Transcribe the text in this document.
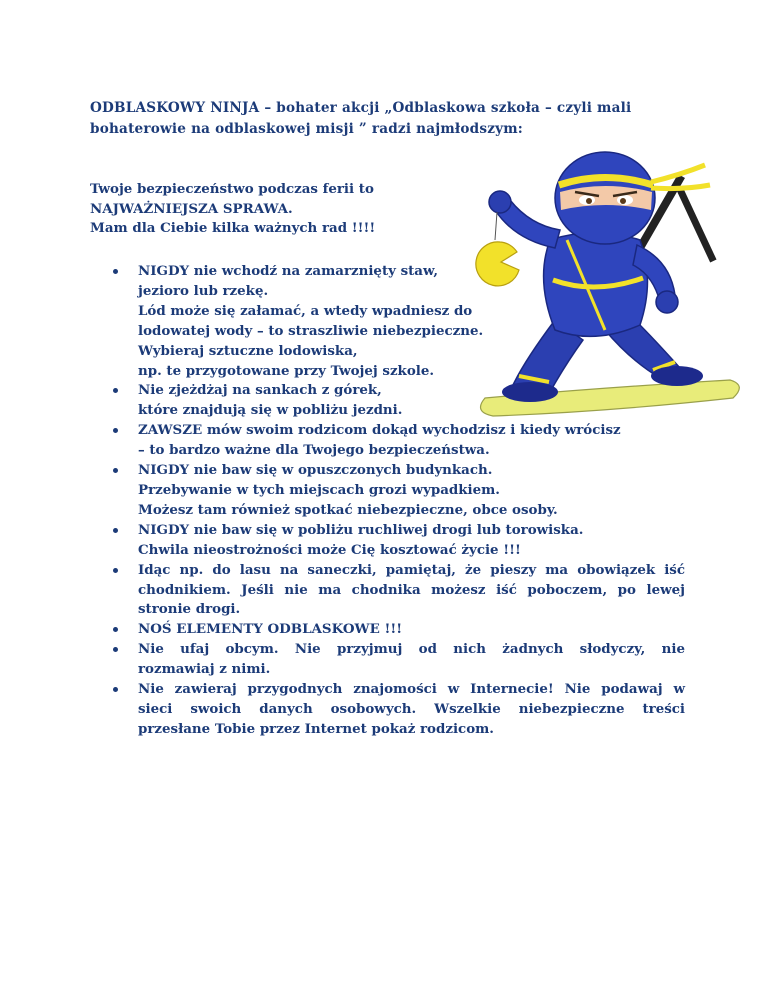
ODBLASKOWY NINJA – bohater akcji „Odblaskowa szkoła – czyli mali
bohaterowie na odblaskowej misji ” radzi najmłodszym:
Twoje bezpieczeństwo podczas ferii to
NAJWAŻNIEJSZA SPRAWA.
Mam dla Ciebie kilka ważnych rad !!!!
NIGDY nie wchodź na zamarznięty staw,
jezioro lub rzekę.
Lód może się załamać, a wtedy wpadniesz do
lodowatej wody – to straszliwie niebezpieczne.
Wybieraj sztuczne lodowiska,
np. te przygotowane przy Twojej szkole.
Nie zjeżdżaj na sankach z górek,
które znajdują się w pobliżu jezdni.
ZAWSZE mów swoim rodzicom dokąd wychodzisz i kiedy wrócisz
– to bardzo ważne dla Twojego bezpieczeństwa.
NIGDY nie baw się w opuszczonych budynkach.
Przebywanie w tych miejscach grozi wypadkiem.
Możesz tam również spotkać niebezpieczne, obce osoby.
NIGDY nie baw się w pobliżu ruchliwej drogi lub torowiska.
Chwila nieostrożności może Cię kosztować życie !!!
Idąc np. do lasu na saneczki, pamiętaj, że pieszy ma obowiązek iść
chodnikiem. Jeśli nie ma chodnika możesz iść poboczem, po lewej
stronie drogi.
NOŚ ELEMENTY ODBLASKOWE !!!
Nie ufaj obcym. Nie przyjmuj od nich żadnych słodyczy, nie
rozmawiaj z nimi.
Nie zawieraj przygodnych znajomości w Internecie! Nie podawaj w
sieci swoich danych osobowych. Wszelkie niebezpieczne treści
przesłane Tobie przez Internet pokaż rodzicom.
